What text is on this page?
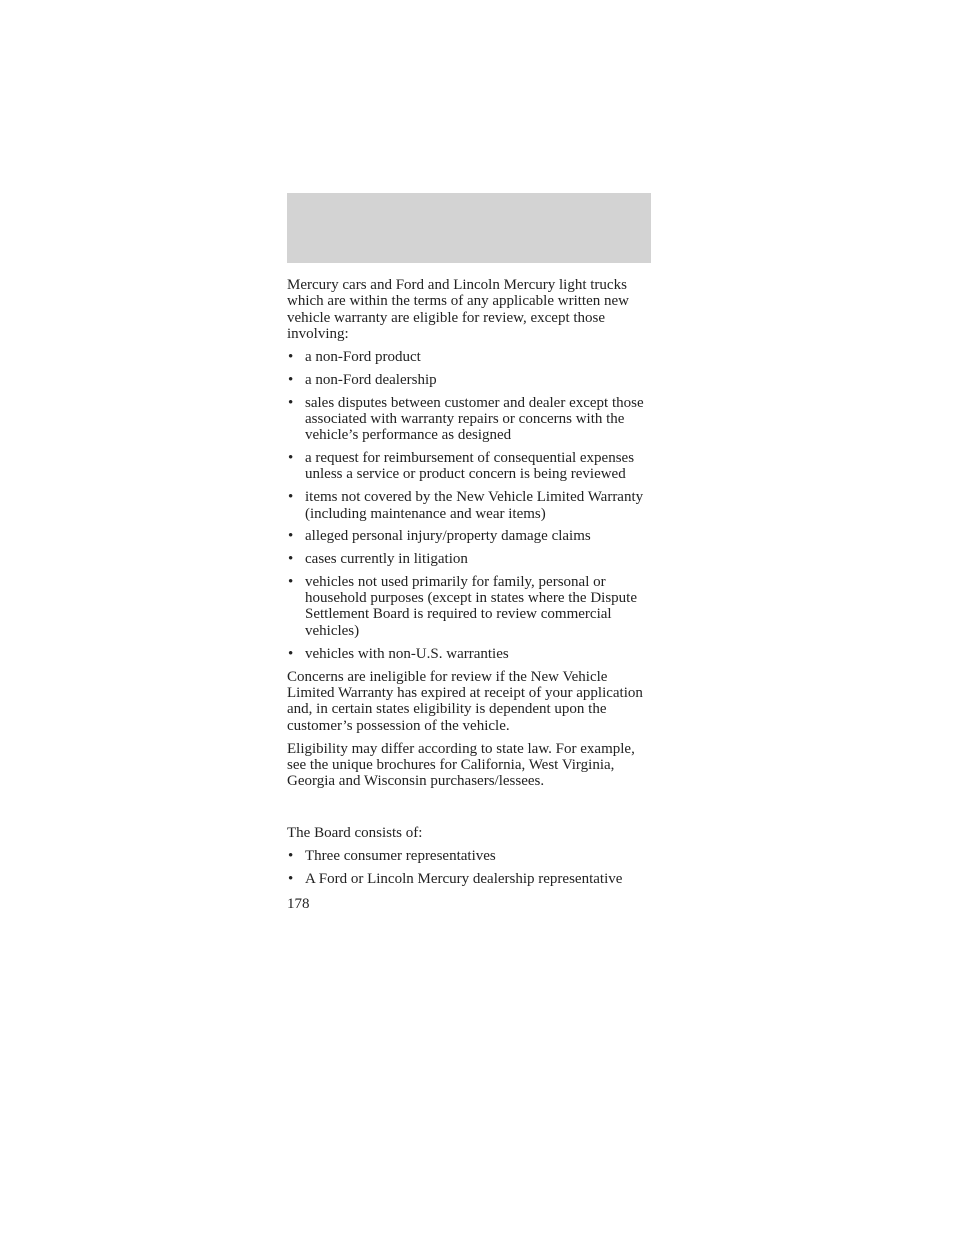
Mercury cars and Ford and Lincoln Mercury light trucks which are within the terms of any applicable written new vehicle warranty are eligible for review, except those involving:

• a non-Ford product
• a non-Ford dealership
• sales disputes between customer and dealer except those associated with warranty repairs or concerns with the vehicle’s performance as designed
• a request for reimbursement of consequential expenses unless a service or product concern is being reviewed
• items not covered by the New Vehicle Limited Warranty (including maintenance and wear items)
• alleged personal injury/property damage claims
• cases currently in litigation
• vehicles not used primarily for family, personal or household purposes (except in states where the Dispute Settlement Board is required to review commercial vehicles)
• vehicles with non-U.S. warranties

Concerns are ineligible for review if the New Vehicle Limited Warranty has expired at receipt of your application and, in certain states eligibility is dependent upon the customer’s possession of the vehicle.

Eligibility may differ according to state law. For example, see the unique brochures for California, West Virginia, Georgia and Wisconsin purchasers/lessees.

The Board consists of:

• Three consumer representatives
• A Ford or Lincoln Mercury dealership representative
178
